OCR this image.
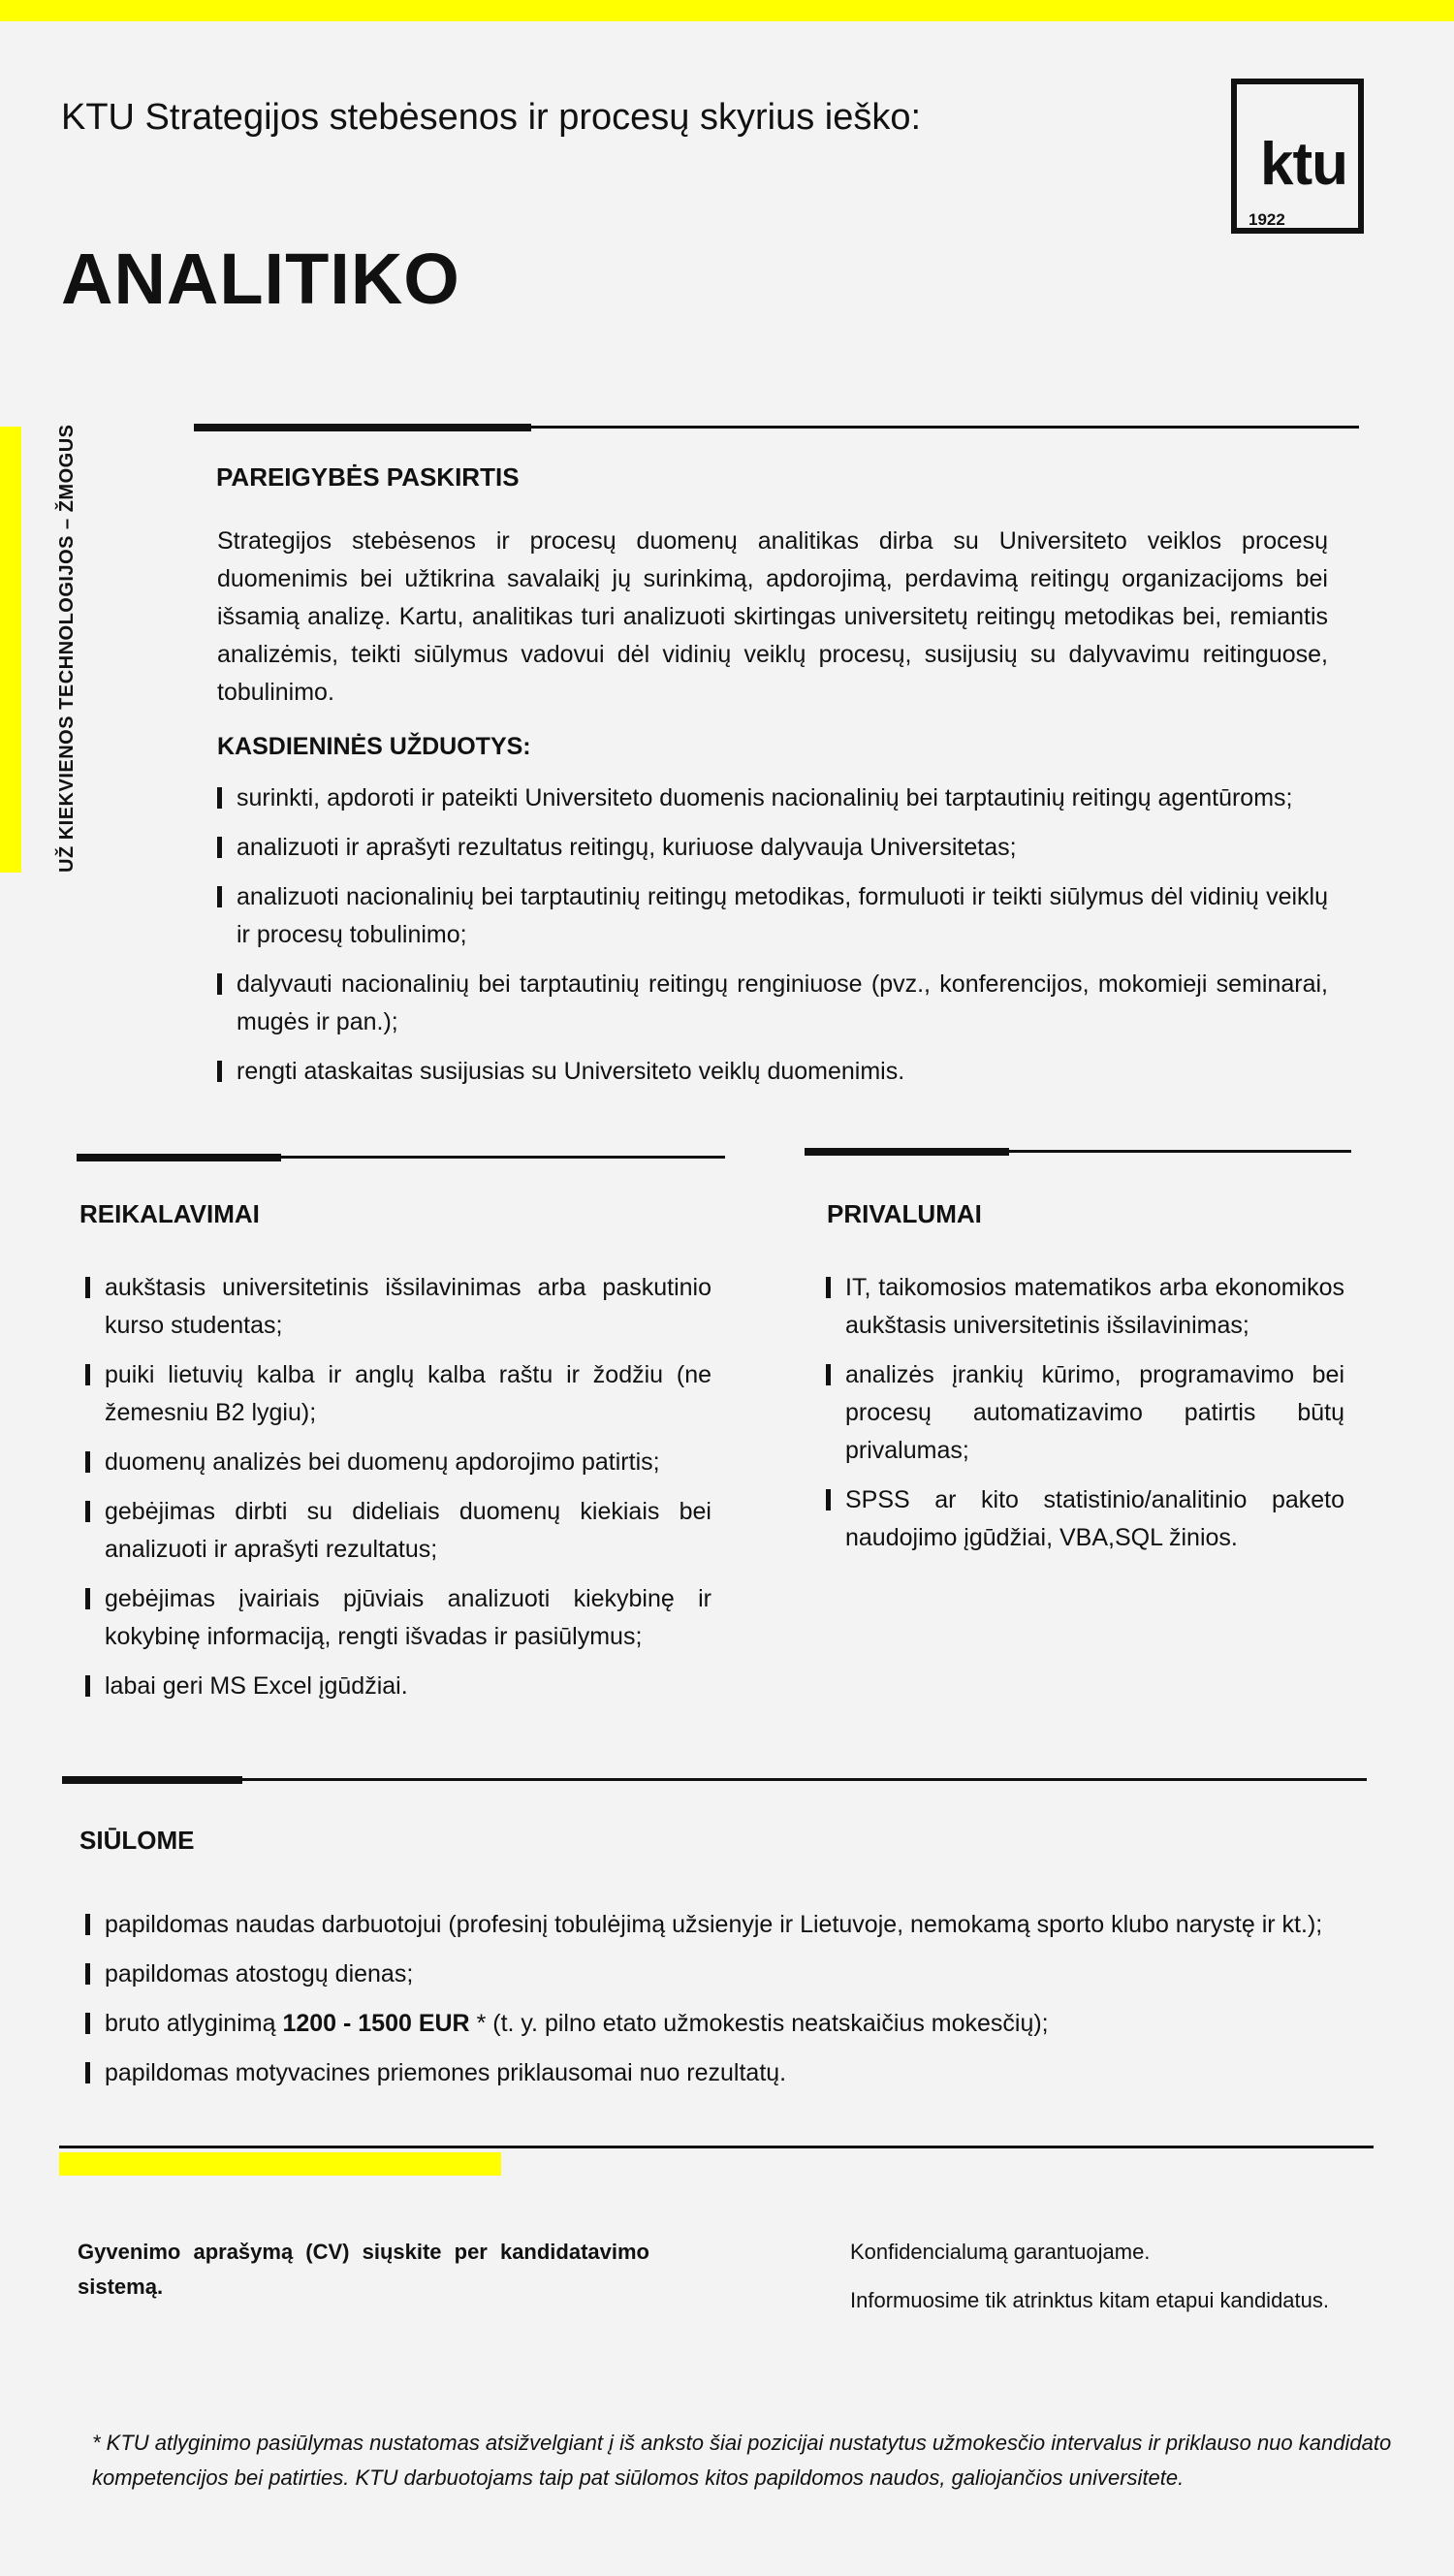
UŽ KIEKVIENOS TECHNOLOGIJOS – ŽMOGUS
KTU Strategijos stebėsenos ir procesų skyrius ieško:
ANALITIKO
ktu
1922
PAREIGYBĖS PASKIRTIS
Strategijos stebėsenos ir procesų duomenų analitikas dirba su Universiteto veiklos procesų duomenimis bei užtikrina savalaikį jų surinkimą, apdorojimą, perdavimą reitingų organizacijoms bei išsamią analizę. Kartu, analitikas turi analizuoti skirtingas universitetų reitingų metodikas bei, remiantis analizėmis, teikti siūlymus vadovui dėl vidinių veiklų procesų, susijusių su dalyvavimu reitinguose, tobulinimo.
KASDIENINĖS UŽDUOTYS:
surinkti, apdoroti ir pateikti Universiteto duomenis nacionalinių bei tarptautinių reitingų agentūroms;
analizuoti ir aprašyti rezultatus reitingų, kuriuose dalyvauja Universitetas;
analizuoti nacionalinių bei tarptautinių reitingų metodikas, formuluoti ir teikti siūlymus dėl vidinių veiklų ir procesų tobulinimo;
dalyvauti nacionalinių bei tarptautinių reitingų renginiuose (pvz., konferencijos, mokomieji seminarai, mugės ir pan.);
rengti ataskaitas susijusias su Universiteto veiklų duomenimis.
REIKALAVIMAI
aukštasis universitetinis išsilavinimas arba paskutinio kurso studentas;
puiki lietuvių kalba ir anglų kalba raštu ir žodžiu (ne žemesniu B2 lygiu);
duomenų analizės bei duomenų apdorojimo patirtis;
gebėjimas dirbti su dideliais duomenų kiekiais bei analizuoti ir aprašyti rezultatus;
gebėjimas įvairiais pjūviais analizuoti kiekybinę ir kokybinę informaciją, rengti išvadas ir pasiūlymus;
labai geri MS Excel įgūdžiai.
PRIVALUMAI
IT, taikomosios matematikos arba ekonomikos aukštasis universitetinis išsilavinimas;
analizės įrankių kūrimo, programavimo bei procesų automatizavimo patirtis būtų privalumas;
SPSS ar kito statistinio/analitinio paketo naudojimo įgūdžiai, VBA,SQL žinios.
SIŪLOME
papildomas naudas darbuotojui (profesinį tobulėjimą užsienyje ir Lietuvoje, nemokamą sporto klubo narystę ir kt.);
papildomas atostogų dienas;
bruto atlyginimą 1200 - 1500 EUR * (t. y. pilno etato užmokestis neatskaičius mokesčių);
papildomas motyvacines priemones priklausomai nuo rezultatų.
Gyvenimo aprašymą (CV) siųskite per kandidatavimo sistemą.
Konfidencialumą garantuojame.
Informuosime tik atrinktus kitam etapui kandidatus.
* KTU atlyginimo pasiūlymas nustatomas atsižvelgiant į iš anksto šiai pozicijai nustatytus užmokesčio intervalus ir priklauso nuo kandidato kompetencijos bei patirties. KTU darbuotojams taip pat siūlomos kitos papildomos naudos, galiojančios universitete.
